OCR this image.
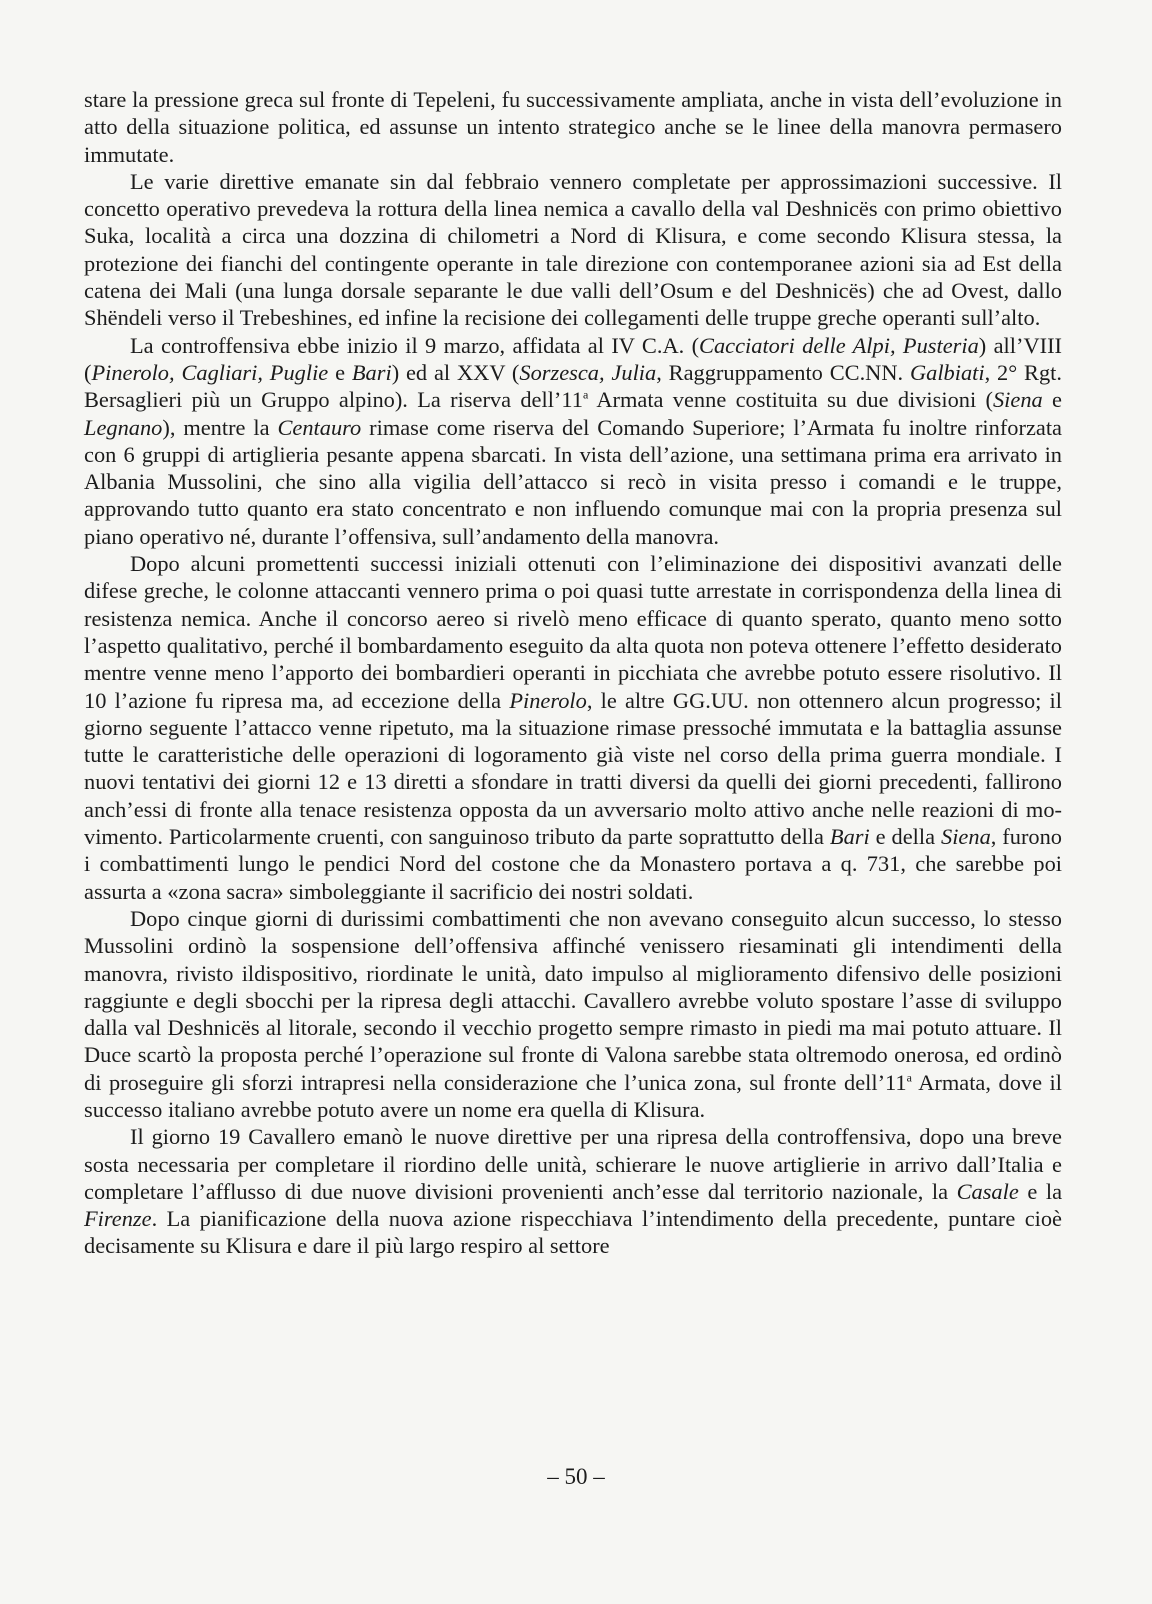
stare la pressione greca sul fronte di Tepeleni, fu successivamente ampliata, anche in vista dell’evoluzione in atto della situazione politica, ed assunse un intento strategico anche se le linee della manovra permasero immutate.

Le varie direttive emanate sin dal febbraio vennero completate per approssimazioni successive. Il concetto operativo prevedeva la rottura della linea nemica a cavallo della val Deshnicës con primo obiettivo Suka, località a circa una dozzina di chilometri a Nord di Klisura, e come secondo Klisura stessa, la protezione dei fianchi del contingente operante in tale direzione con contemporanee azioni sia ad Est della catena dei Mali (una lunga dorsale separante le due valli dell’Osum e del Deshnicës) che ad Ovest, dallo Shëndeli verso il Trebeshines, ed infine la recisione dei collegamenti delle truppe greche operanti sull’alto.

La controffensiva ebbe inizio il 9 marzo, affidata al IV C.A. (Cacciatori delle Alpi, Pusteria) all’VIII (Pinerolo, Cagliari, Puglie e Bari) ed al XXV (Sorzesca, Julia, Raggruppamento CC.NN. Galbiati, 2° Rgt. Bersaglieri più un Gruppo alpino). La riserva dell’11$^a$ Armata venne costituita su due divisioni (Siena e Legnano), mentre la Centauro rimase come riserva del Comando Superiore; l’Armata fu inoltre rinforzata con 6 gruppi di artiglieria pesante appena sbarcati. In vista dell’azione, una settimana prima era arrivato in Albania Mussolini, che sino alla vigilia dell’attacco si recò in visita presso i comandi e le truppe, approvando tutto quanto era stato concentrato e non influendo comunque mai con la propria presenza sul piano operativo né, durante l’offensiva, sull’andamento della manovra.

Dopo alcuni promettenti successi iniziali ottenuti con l’eliminazione dei dispositivi avanzati delle difese greche, le colonne attaccanti vennero prima o poi quasi tutte arrestate in corrispondenza della linea di resistenza nemica. Anche il concorso aereo si rivelò meno efficace di quanto sperato, quanto meno sotto l’aspetto qualitativo, perché il bombardamento eseguito da alta quota non poteva ottenere l’effetto desiderato mentre venne meno l’apporto dei bombardieri operanti in picchiata che avrebbe potuto essere risolutivo. Il 10 l’azione fu ripresa ma, ad eccezione della Pinerolo, le altre GG.UU. non ottennero alcun progresso; il giorno seguente l’attacco venne ripetuto, ma la situazione rimase pressoché immutata e la battaglia assunse tutte le caratteristiche delle operazioni di logoramento già viste nel corso della prima guerra mondiale. I nuovi tentativi dei giorni 12 e 13 diretti a sfondare in tratti diversi da quelli dei giorni precedenti, fallirono anch’essi di fronte alla tenace resistenza opposta da un avversario molto attivo anche nelle reazioni di movimento. Particolarmente cruenti, con sanguinoso tributo da parte soprattutto della Bari e della Siena, furono i combattimenti lungo le pendici Nord del costone che da Monastero portava a q. 731, che sarebbe poi assurta a «zona sacra» simboleggiante il sacrificio dei nostri soldati.

Dopo cinque giorni di durissimi combattimenti che non avevano conseguito alcun successo, lo stesso Mussolini ordinò la sospensione dell’offensiva affinché venissero riesaminati gli intendimenti della manovra, rivisto ildispositivo, riordinate le unità, dato impulso al miglioramento difensivo delle posizioni raggiunte e degli sbocchi per la ripresa degli attacchi. Cavallero avrebbe voluto spostare l’asse di sviluppo dalla val Deshnicës al litorale, secondo il vecchio progetto sempre rimasto in piedi ma mai potuto attuare. Il Duce scartò la proposta perché l’operazione sul fronte di Valona sarebbe stata oltremodo onerosa, ed ordinò di proseguire gli sforzi intrapresi nella considerazione che l’unica zona, sul fronte dell’11$^a$ Armata, dove il successo italiano avrebbe potuto avere un nome era quella di Klisura.

Il giorno 19 Cavallero emanò le nuove direttive per una ripresa della controffensiva, dopo una breve sosta necessaria per completare il riordino delle unità, schierare le nuove artiglierie in arrivo dall’Italia e completare l’afflusso di due nuove divisioni provenienti anch’esse dal territorio nazionale, la Casale e la Firenze. La pianificazione della nuova azione rispecchiava l’intendimento della precedente, puntare cioè decisamente su Klisura e dare il più largo respiro al settore

– 50 –
